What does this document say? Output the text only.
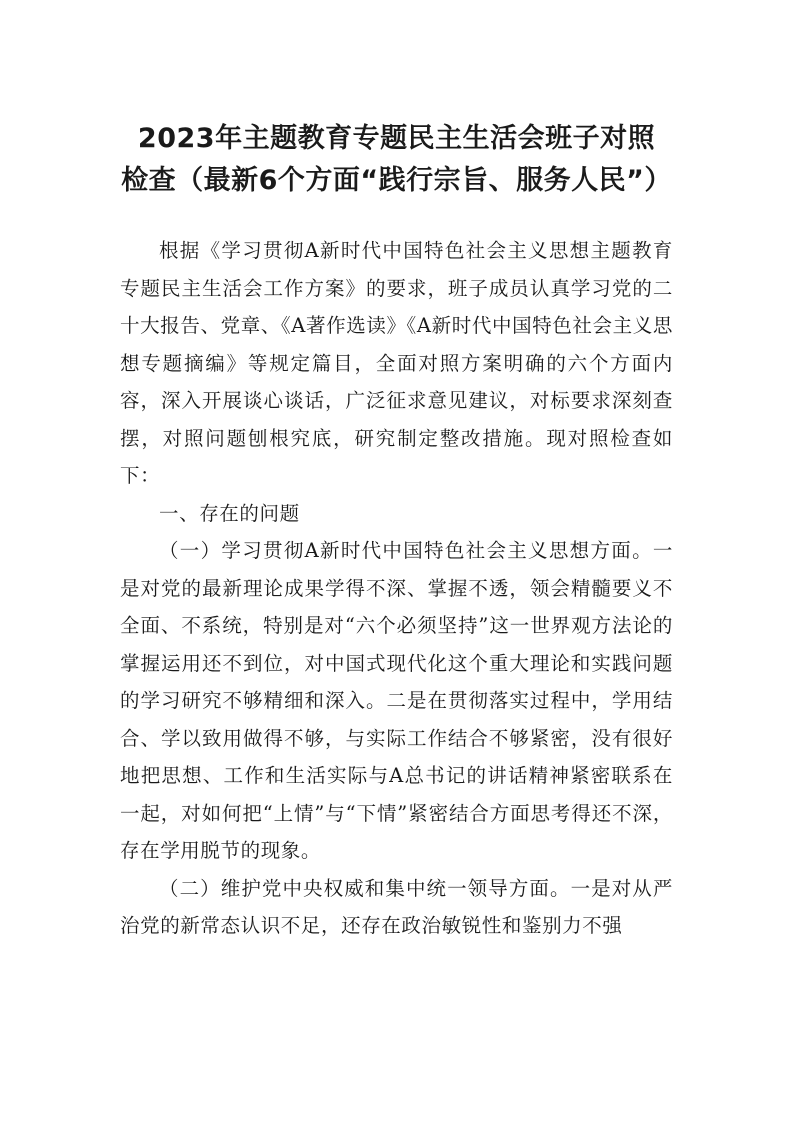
2023年主题教育专题民主生活会班子对照
检查（最新6个方面“践行宗旨、服务人民”）

根据《学习贯彻A新时代中国特色社会主义思想主题教育专题民主生活会工作方案》的要求，班子成员认真学习党的二十大报告、党章、《A著作选读》《A新时代中国特色社会主义思想专题摘编》等规定篇目，全面对照方案明确的六个方面内容，深入开展谈心谈话，广泛征求意见建议，对标要求深刻查摆，对照问题刨根究底，研究制定整改措施。现对照检查如下：

一、存在的问题

（一）学习贯彻A新时代中国特色社会主义思想方面。一是对党的最新理论成果学得不深、掌握不透，领会精髓要义不全面、不系统，特别是对“六个必须坚持”这一世界观方法论的掌握运用还不到位，对中国式现代化这个重大理论和实践问题的学习研究不够精细和深入。二是在贯彻落实过程中，学用结合、学以致用做得不够，与实际工作结合不够紧密，没有很好地把思想、工作和生活实际与A总书记的讲话精神紧密联系在一起，对如何把“上情”与“下情”紧密结合方面思考得还不深，存在学用脱节的现象。

（二）维护党中央权威和集中统一领导方面。一是对从严治党的新常态认识不足，还存在政治敏锐性和鉴别力不强
